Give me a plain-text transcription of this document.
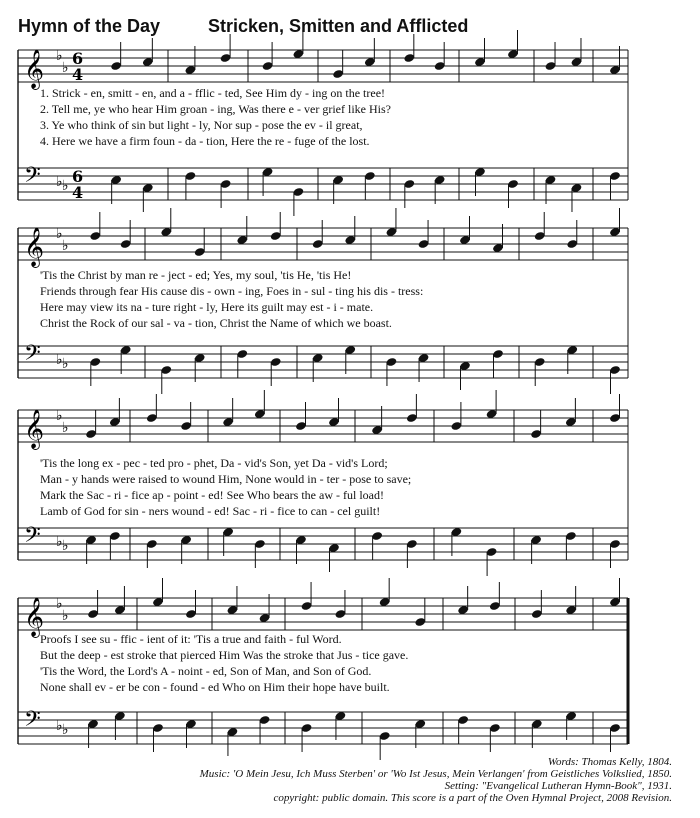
Hymn of the Day	Stricken, Smitten and Afflicted
𝄞 ♭
♭ 6
4
𝄢 ♭ ♭ 6
4
𝄞 ♭
♭
𝄢 ♭ ♭
𝄞 ♭
♭
𝄢 ♭ ♭
𝄞 ♭
♭
𝄢 ♭ ♭
1. Strick - en, smitt - en, and a - fflic - ted, See Him dy - ing on the tree!
2. Tell me, ye who hear Him groan - ing, Was there e - ver grief like His?
3. Ye who think of sin but light - ly, Nor sup - pose the ev - il great,
4. Here we have a firm foun - da - tion, Here the re - fuge of the lost.
'Tis the Christ by man re - ject - ed; Yes, my soul, 'tis He, 'tis He!
Friends through fear His cause dis - own - ing, Foes in - sul - ting his dis - tress:
Here may view its na - ture right - ly, Here its guilt may est - i - mate.
Christ the Rock of our sal - va - tion, Christ the Name of which we boast.
'Tis the long ex - pec - ted pro - phet, Da - vid's Son, yet Da - vid's Lord;
Man - y hands were raised to wound Him, None would in - ter - pose to save;
Mark the Sac - ri - fice ap - point - ed! See Who bears the aw - ful load!
Lamb of God for sin - ners wound - ed! Sac - ri - fice to can - cel guilt!
Proofs I see su - ffic - ient of it: 'Tis a true and faith - ful Word.
But the deep - est stroke that pierced Him Was the stroke that Jus - tice gave.
'Tis the Word, the Lord's A - noint - ed, Son of Man, and Son of God.
None shall ev - er be con - found - ed Who on Him their hope have built.
Words: Thomas Kelly, 1804.
Music: 'O Mein Jesu, Ich Muss Sterben' or 'Wo Ist Jesus, Mein Verlangen' from Geistliches Volkslied, 1850.
Setting: "Evangelical Lutheran Hymn-Book", 1931.
copyright: public domain. This score is a part of the Oven Hymnal Project, 2008 Revision.
